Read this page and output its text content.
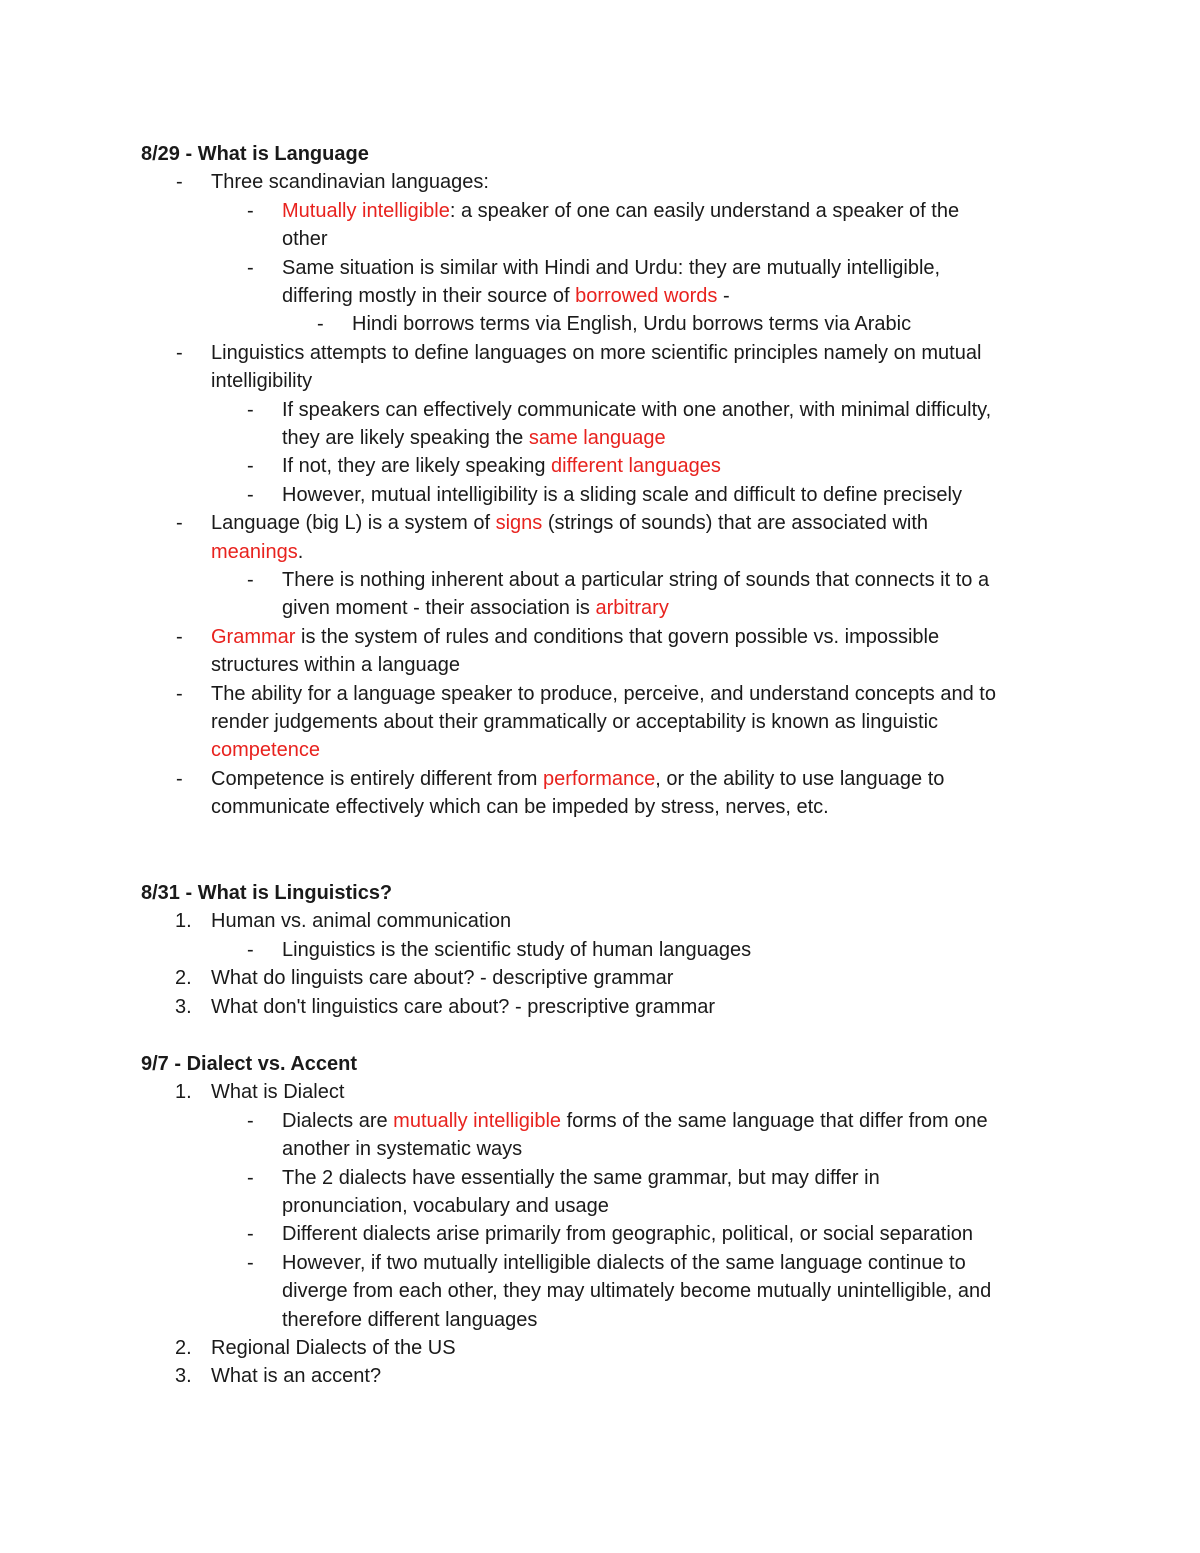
8/29 - What is Language
- Three scandinavian languages:
- Mutually intelligible: a speaker of one can easily understand a speaker of the
other
- Same situation is similar with Hindi and Urdu: they are mutually intelligible,
differing mostly in their source of borrowed words -
- Hindi borrows terms via English, Urdu borrows terms via Arabic
- Linguistics attempts to define languages on more scientific principles namely on mutual
intelligibility
- If speakers can effectively communicate with one another, with minimal difficulty,
they are likely speaking the same language
- If not, they are likely speaking different languages
- However, mutual intelligibility is a sliding scale and difficult to define precisely
- Language (big L) is a system of signs (strings of sounds) that are associated with
meanings.
- There is nothing inherent about a particular string of sounds that connects it to a
given moment - their association is arbitrary
- Grammar is the system of rules and conditions that govern possible vs. impossible
structures within a language
- The ability for a language speaker to produce, perceive, and understand concepts and to
render judgements about their grammatically or acceptability is known as linguistic
competence
- Competence is entirely different from performance, or the ability to use language to
communicate effectively which can be impeded by stress, nerves, etc.
8/31 - What is Linguistics?
1. Human vs. animal communication
- Linguistics is the scientific study of human languages
2. What do linguists care about? - descriptive grammar
3. What don't linguistics care about? - prescriptive grammar
9/7 - Dialect vs. Accent
1. What is Dialect
- Dialects are mutually intelligible forms of the same language that differ from one
another in systematic ways
- The 2 dialects have essentially the same grammar, but may differ in
pronunciation, vocabulary and usage
- Different dialects arise primarily from geographic, political, or social separation
- However, if two mutually intelligible dialects of the same language continue to
diverge from each other, they may ultimately become mutually unintelligible, and
therefore different languages
2. Regional Dialects of the US
3. What is an accent?
